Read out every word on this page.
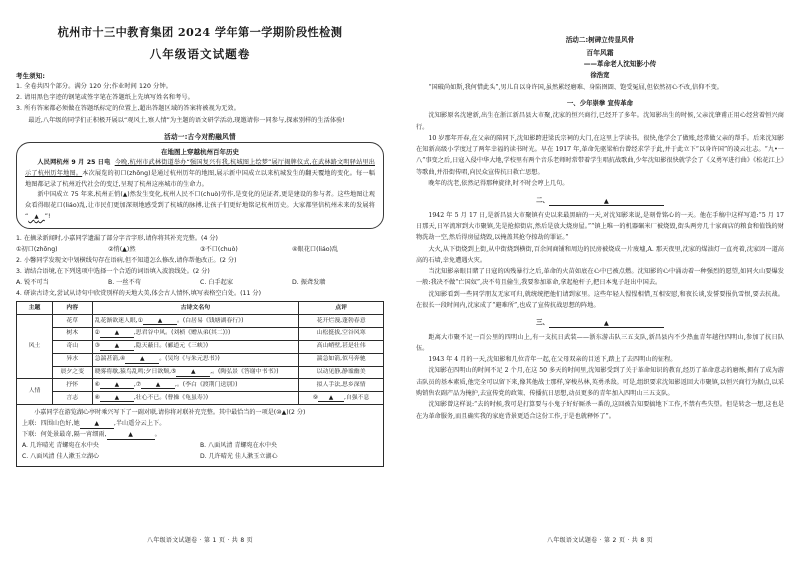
杭州市十三中教育集团 2024 学年第一学期阶段性检测
八年级语文试题卷
考生须知:

1. 全卷共四个部分。满分 120 分;作业时间 120 分钟。

2. 请用黑色字迹的钢笔或签字笔在答题纸上先填写姓名和考号。

3. 所有答案都必须做在答题纸标定的位置上,超出答题区域的答案将被视为无效。

最近,八年级的同学们正积极开展以“观风土,察人情”为主题的语文研学活动,现邀请你一同参与,探索别样的生活体验!

活动一:古今对酌融风情
在地图上穿越杭州百年历史

人民网杭州 9 月 25 日电 今晚,杭州市武林街道举办“强国复兴有我,杭城图上绘梦”展厅揭牌仪式,在武林路文明驿站里出示了杭州历年地图。本次展览的初口(zhōng)是通过杭州历年的地图,展示新中国成立以来杭城发生的翻天覆地的变化。每一幅地图都记录了杭州近代社会的变迁,呈现了杭州这座城市的生命力。

新中国成立 75 年来,杭州正悄(▲)然发生变化,杭州人民不口(chuò)劳作,是变化的见证者,更是建设的参与者。这些地图让观众看得眼花口(liáo)乱,让市民们更加深刻地感受到了杭城的脉搏,让孩子们更好地铭记杭州历史。大家都坚信杭州未来的发展将“ ▲ ”!

1. 在摘录新闻时,小嘉同学遗漏了部分字音字形,请你将其补充完整。(4 分)

①初口(zhōng)	②悄(▲)然	③不口(chuò)	④眼花口(liáo)乱

2. 小馨同学发现文中划横线句存在语病,但不知道怎么修改,请你帮他改正。(2 分)

3. 请结合语境,在下列选项中选择一个合适的词语填入波浪线处。(2 分)

A. 锐不可当	B. 一丝不苟	C. 白手起家	D. 振聋发聩

4. 研读古诗文,尝试从诗句中欣赏别样的天地大美,体会古人情怀,填写表格空白处。(11 分)

主题	内容	古诗文名句	点评
风土	花草	乱花渐欲迷人眼,① ▲ 。(白居易《钱塘湖春行》)	花开烂漫,蓬勃春意
	树木	② ▲ ,思君谷中风。(刘桢《赠从弟(其二)》)	山松挺拔,空谷风寒
	奇山	③ ▲ ,隐天蔽日。(郦道元《三峡》)	高山峭壁,甚是壮伟
	异水	急湍甚箭,④ ▲ 。(吴均《与朱元思书》)	湍急如箭,似马奔驰
	晨夕之变	晓雾将歇,猿鸟乱鸣;夕日欲颓,⑤ ▲ ,。(陶弘景《答谢中书书》)	以动见静,静谧幽美
人情	抒怀	⑥ ▲ ,⑦ ▲ ,。(李白《渡荆门送别》)	拟人手法,思乡深情
	言志	⑧ ▲ ,壮心不已。(曹操《龟虽寿》)	⑨ ▲ ,自强不息

小嘉同学在游览湖心亭时乘兴写下了一副对联,请你将对联补充完整。其中最恰当的一项是(⑩▲)(2 分)

上联: 四围山色好,她 ▲ ,半山遥分云上下。

下联: 何处景最奇,隔一宵细雨,	▲	。

A. 几许晴光 青螺宛在水中央	B. 八面风清 青螺宛在水中央
C. 八面风清 佳人漱玉立湖心	D. 几许晴光 佳人漱玉立湖心
八年级语文试题卷 · 第 1 页 · 共 8 页
活动二:树碑立传显风骨
百年风霜
——革命老人沈知影小传
徐浩宽

“国破尚如斯,我何惜此头”,男儿自以身许国,虽然累经磨难、身陷囹圄、饱受冤屈,但依然初心不改,信仰不变。

一、少年崇拳 宣传革命

沈知影原名沈建新,出生在浙江新昌县大市聚,沈家的恒兴商行,已经开了多年。沈知影出生的时候,父亲沈肇甫正用心经营着恒兴商行。

10 岁那年开春,在父亲的陪同下,沈知影跨进梁氏宗祠的大门,在这里上学读书。很快,他学会了做账,经常做父亲的帮手。后来沈知影在知新高级小学度过了两年幸福的读书时光。早在 1917 年,革命先驱梁柏台曾经求学于此,并于此立下“以身许国”的凌云壮志。“九•一八”事变之后,日寇入侵中华大地,学校里有两个音乐老师时常带着学生唱抗战歌曲,少年沈知影很快就学会了《义勇军进行曲》《松花江上》等歌曲,并沿街传唱,向民众宣传抗日救亡思想。

晚年的沈老,依然记得那种旋律,时不时会哼上几句。

二、	▲

1942 年 5 月 17 日,是新昌县大市聚镇有史以来最黑暗的一天,对沈知影来说,是刻骨铭心的一天。他在手稿中这样写道:“5 月 17 日那天,日军流窜到大市聚镇,先是抢掠街店,然后是放大烧房屋。”“镇上唯一的机器碾米厂被烧毁,街头两旁几十家商店的粮食和值钱的财物洗劫一空,然后得房屋烧毁,以掩盖其抢夺掠劫的罪证。”

大火,从下街烧到上街,从中街烧到横街,百余间商铺和周边的民房被烧成一片废墟,A. 那天夜里,沈家的煤油灯一直亮着,沈家因一道高高的石墙,幸免遭遇火灾。

当沈知影亲眼目睹了日寇的凶残暴行之后,革命的火苗如底在心中已被点燃。沈知影的心中涌动着一种强烈的愿望,如同火山要爆发一般:我决不做“亡国奴”,决不苟且偷生,我要参加革命,拿起枪杆子,把日本鬼子赶出中国去。

沈知影看到一些同学朋友无家可归,就统统把他们请到家里。这些年轻人惺惺相惜,互相安慰,和夜长谈,发誓要报仇雪恨,要去抗战。在很长一段时间内,沈家成了“避难所”,也成了宣传抗战思想的阵地。

三、	▲

距离大市聚不足一百公里的四明山上,有一支抗日武装——浙东游击队三五支队,新昌县内不少热血青年越往四明山,参加了抗日队伍。

1943 年 4 月的一天,沈知影和几位青年一起,在父母双亲的目送下,踏上了去四明山的征程。

沈知影在四明山的时间不足 2 个月,在这 50 多天的时间里,沈知影受到了关于革命知识的教育,经历了革命意志的磨炼,拥有了成为游击队员的基本素质,他完全可以留下来,像其他战士那样,穿梭丛林,英勇杀敌。可是,组织要求沈知影返回大市聚镇,以恒兴商行为据点,以采购销售农副产品为掩护,去宣传党的政策、传播抗日思想,动员更多的青年加入四明山三五支队。

沈知影曾这样说:“去的时候,我可是打算要与小鬼子好好厮杀一番的,这回被告知要搞地下工作,不禁有些失望。但是转念一想,这也是在为革命服务,而且确实我的家庭背景更适合这份工作,于是也就释怀了”。

八年级语文试题卷 · 第 2 页 · 共 8 页
